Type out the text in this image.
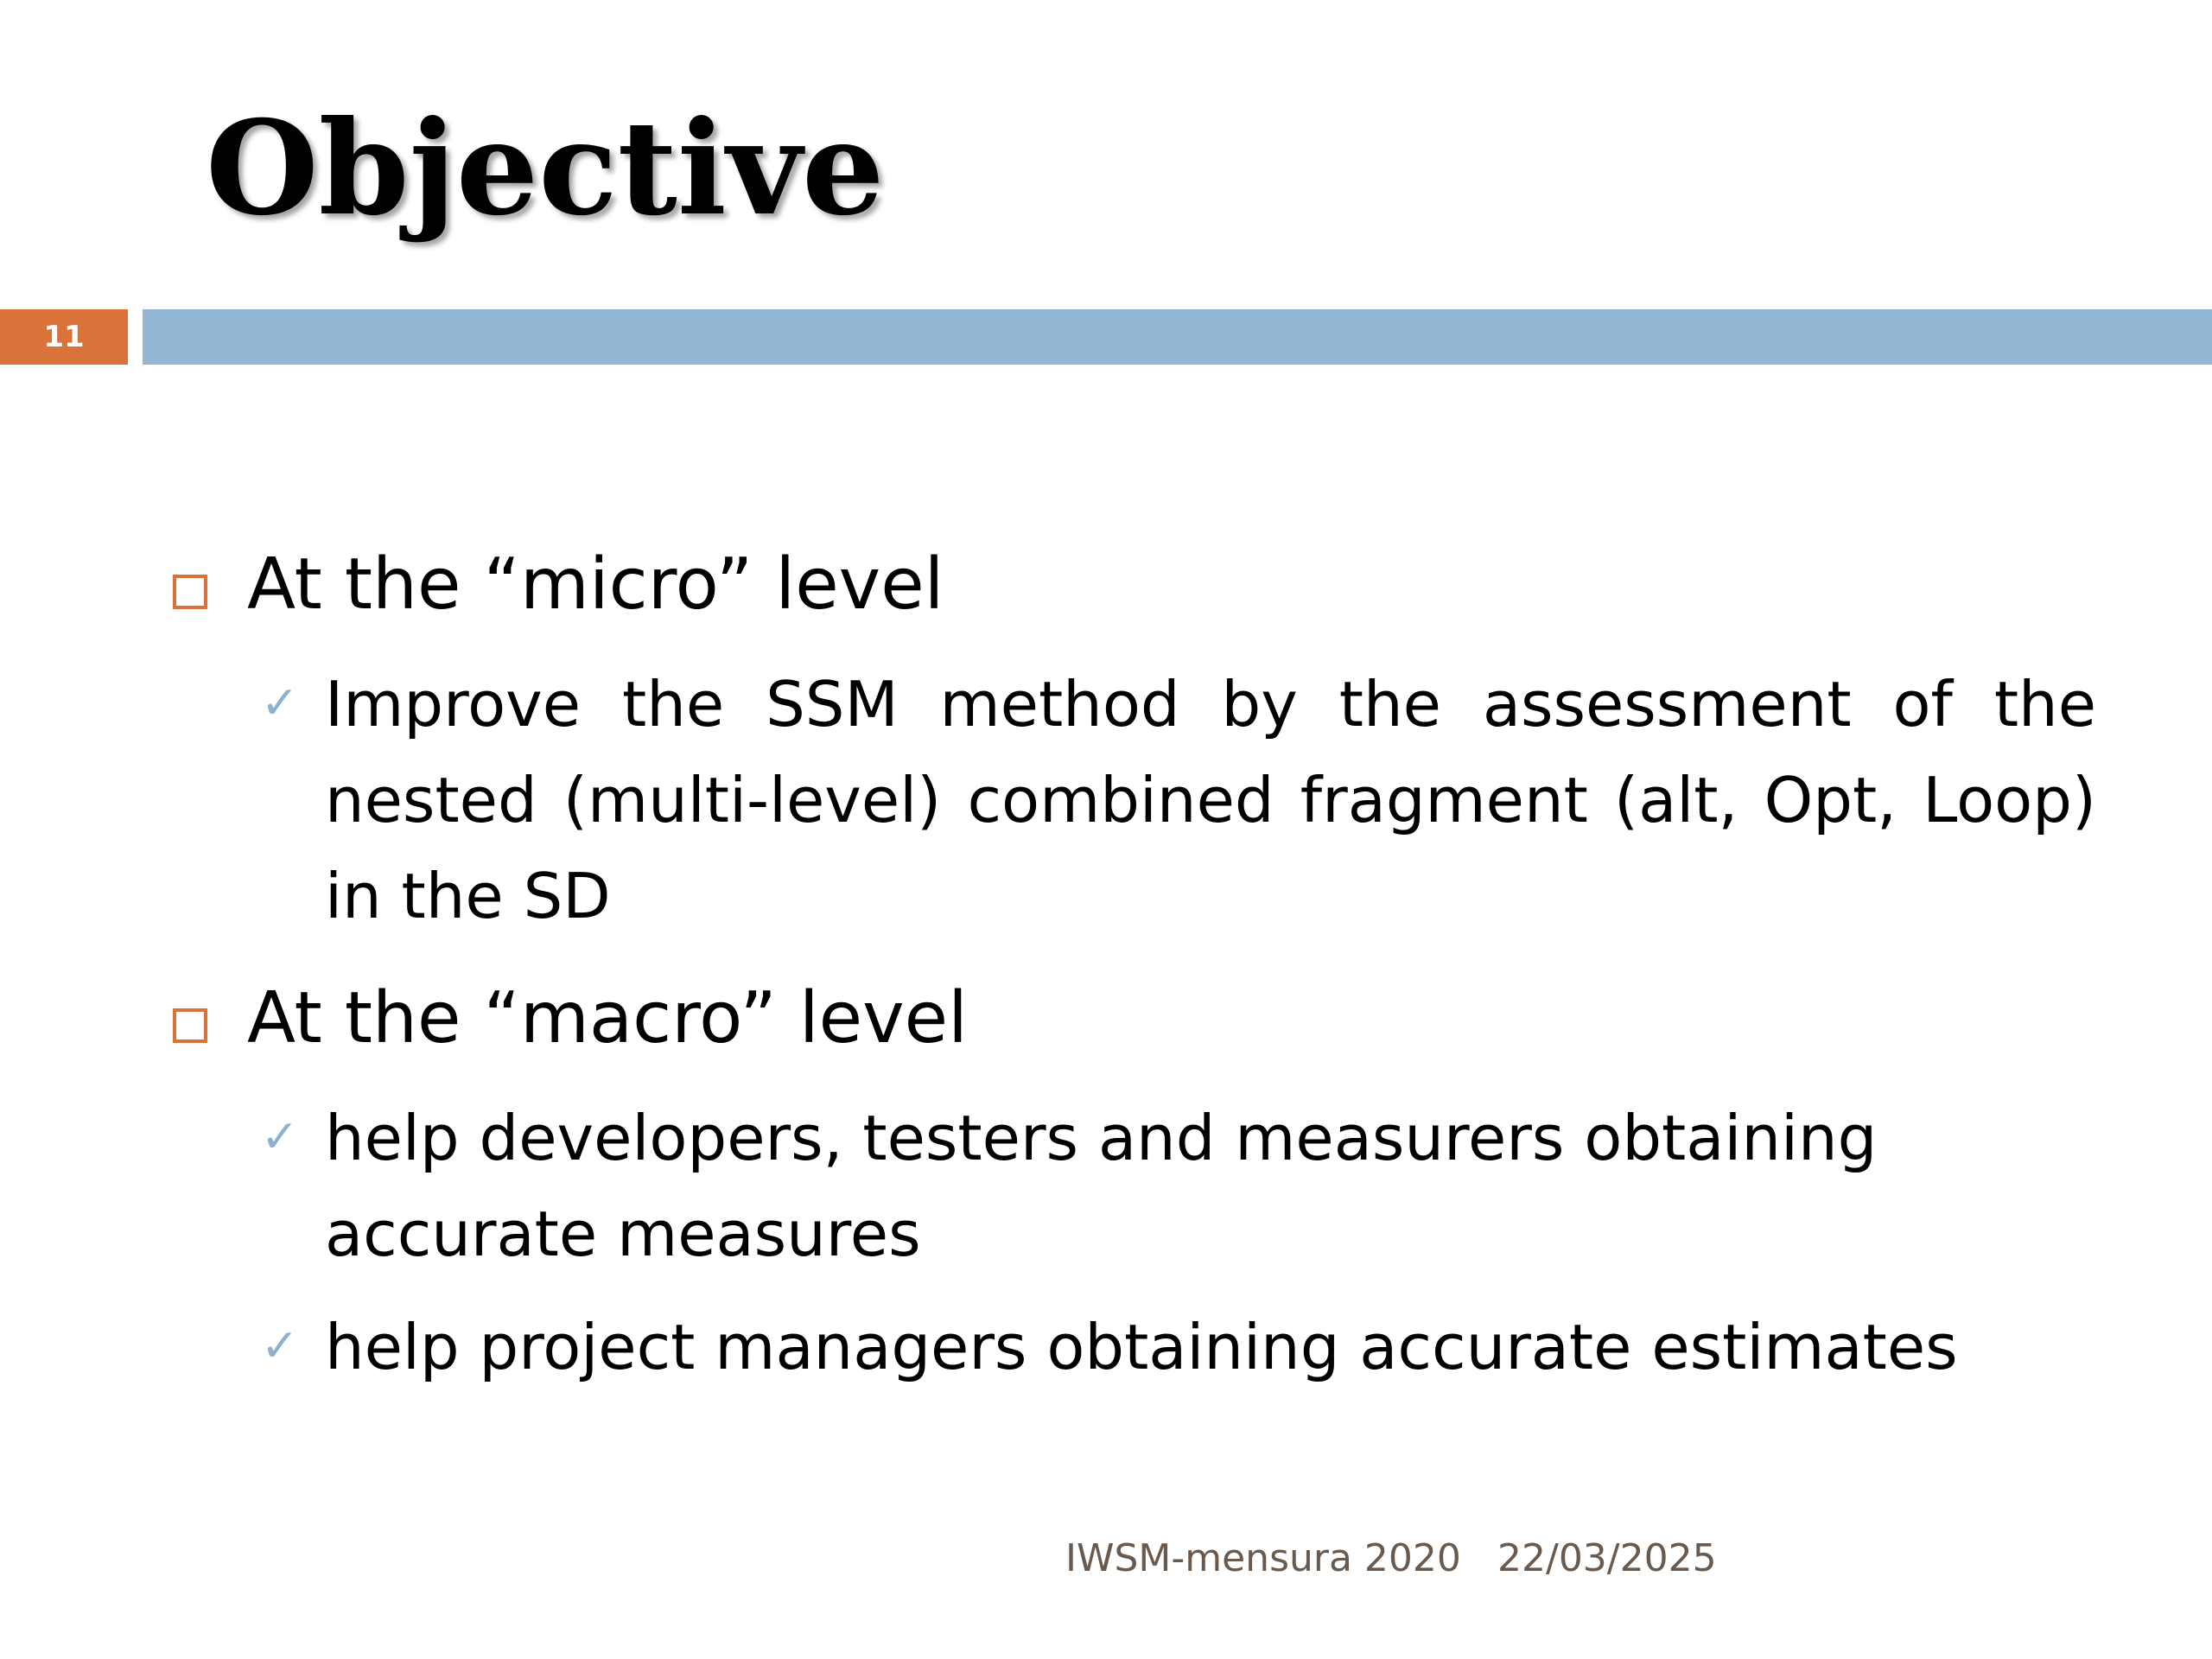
Objective
11
At the “micro” level
✓ Improve the SSM method by the assessment of the nested (multi-level) combined fragment (alt, Opt, Loop) in the SD
At the “macro” level
✓ help developers, testers and measurers obtaining accurate measures
✓ help project managers obtaining accurate estimates
IWSM-mensura 2020 22/03/2025
